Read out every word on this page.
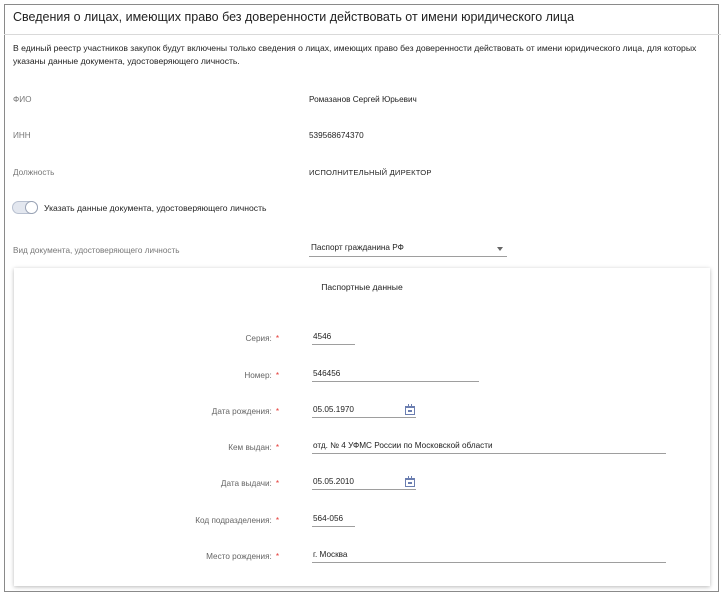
Сведения о лицах, имеющих право без доверенности действовать от имени юридического лица
В единый реестр участников закупок будут включены только сведения о лицах, имеющих право без доверенности действовать от имени юридического лица, для которых указаны данные документа, удостоверяющего личность.
ФИО	Ромазанов Сергей Юрьевич
ИНН	539568674370
Должность	ИСПОЛНИТЕЛЬНЫЙ ДИРЕКТОР
Указать данные документа, удостоверяющего личность
Вид документа, удостоверяющего личность	Паспорт гражданина РФ
Паспортные данные
Серия: *	4546
Номер: *	546456
Дата рождения: *	05.05.1970
Кем выдан: *	отд. № 4 УФМС России по Московской области
Дата выдачи: *	05.05.2010
Код подразделения: *	564-056
Место рождения: *	г. Москва
